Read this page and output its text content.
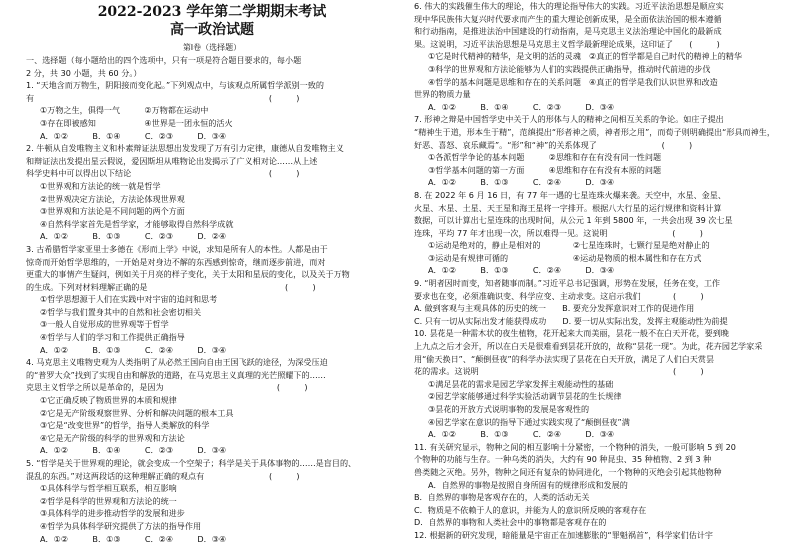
2022-2023 学年第二学期期末考试
高一政治试题
第Ⅰ卷（选择题）
一、选择题（每小题给出的四个选项中，只有一项是符合题目要求的，每小题
2 分，共 30 小题，共 60 分。）
1. “天地含而万物生，阴阳接而变化起。”下列观点中，与该观点所属哲学派别一致的
有　　　　　　　　　　　　　　　　　　　　　　　　　　　　　(　　　)
①万物之生，俱得一气　　　②万物都在运动中
③存在即被感知　　　　　　④世界是一团永恒的活火
A．①②　　　B．①④　　　C．②③　　　D．③④
2. 牛顿从自发唯物主义和朴素辩证法思想出发发现了万有引力定律，康德从自发唯物主义
和辩证法出发提出星云假说，爱因斯坦从唯物论出发揭示了广义相对论……从上述
科学史料中可以得出以下结论　　　　　　　　　　　　　　　　　(　　　)
①世界观和方法论的统一就是哲学
②世界观决定方法论，方法论体现世界观
③世界观和方法论是不同问题的两个方面
④自然科学家首先是哲学家，才能够取得自然科学成就
A．①②　　　B．①③　　　C．②③　　　D．②④
3. 古希腊哲学家亚里士多德在《形而上学》中说，求知是所有人的本性。人都是由于
惊奇而开始哲学思维的，一开始是对身边不解的东西感到惊奇，继而逐步前进，而对
更重大的事情产生疑问，例如关于月亮的样子变化，关于太阳和星辰的变化，以及关于万物
的生成。下列对材料理解正确的是　　　　　　　　　　　　　　　　　(　　　)
①哲学思想源于人们在实践中对宇宙的追问和思考
②哲学与我们置身其中的自然和社会密切相关
③一般人自觉形成的世界观等于哲学
④哲学与人们的学习和工作提供正确指导
A．①②　　　B．①③　　　C．②④　　　D．③④
4. 马克思主义唯物史观为人类指明了从必然王国向自由王国飞跃的途径，为深受压迫
的“普罗大众”找到了实现自由和解放的道路，在马克思主义真理的光芒照耀下的……
克思主义哲学之所以是革命的，是因为　　　　　　　　　　　　　　(　　　)
①它正确反映了物质世界的本质和规律
②它是无产阶级观察世界、分析和解决问题的根本工具
③它是“改变世界”的哲学，指导人类解放的科学
④它是无产阶级的科学的世界观和方法论
A．①②　　　B．①④　　　C．②③　　　D．③④
5. “哲学是关于世界观的理论，就会变成一个空架子；科学是关于具体事物的……是盲目的、
混乱的东西。”对这两段话的这种理解正确的观点有　　　　　　　　(　　　)
①具体科学与哲学相互联系，相互影响
②哲学是科学的世界观和方法论的统一
③具体科学的进步推动哲学的发展和进步
④哲学为具体科学研究提供了方法的指导作用
A．①②　　　B．①③　　　C．②④　　　D．③④
6. 伟大的实践催生伟大的理论，伟大的理论指导伟大的实践。习近平法治思想是顺应实
现中华民族伟大复兴时代要求而产生的重大理论创新成果，是全面依法治国的根本遵循
和行动指南，是推进法治中国建设的行动指南，是马克思主义法治理论中国化的最新成
果。这说明，习近平法治思想是马克思主义哲学最新理论成果，这印证了　　(　　　)
①它是时代精神的精华，是文明的活的灵魂　②真正的哲学都是自己时代的精神上的精华
③科学的世界观和方法论能够为人们的实践提供正确指导，推动时代前进的步伐
④哲学的基本问题是思维和存在的关系问题　④真正的哲学是我们认识世界和改造
世界的物质力量
A．①②　　　B．①④　　　C．②③　　　D．③④
7. 形神之辩是中国哲学史中关于人的形体与人的精神之间相互关系的争论。如庄子提出
“精神生于道，形本生于精”，范缜提出“形者神之质，神者形之用”，而荀子则明确提出“形具而神生，
好恶、喜怒、哀乐藏焉”。“形”和“神”的关系体现了　　　　　　　　(　　　)
①各派哲学争论的基本问题　　　②思维和存在有没有同一性问题
③哲学基本问题的第一方面　　　④思维和存在有没有本原的问题
A．①②　　　B．①③　　　C．②④　　　D．③④
8. 在 2022 年 6 月 16 日，有 77 年一遇的七星连珠火爆来袭。天空中，水星、金星、
火星、木星、土星、天王星和海王星将一字排开。根据八大行星的运行规律和资料计算
数据，可以计算出七星连珠的出现时间，从公元 1 年到 5800 年，一共会出现 39 次七星
连珠，平均 77 年才出现一次，所以难得一见。这说明　　　　　　　　(　　　)
①运动是绝对的，静止是相对的　　　　②七星连珠时，七颗行星是绝对静止的
③运动是有规律可循的　　　　　　　　④运动是物质的根本属性和存在方式
A．①②　　　B．①③　　　C．②④　　　D．③④
9. “明者因时而变，知者随事而制。”习近平总书记强调，形势在发展，任务在变，工作
要求也在变，必须准确识变、科学应变、主动求变。这启示我们　　　　(　　　)
A. 做到客观与主观具体的历史的统一　　B. 要充分发挥意识对工作的促进作用
C. 只有一切从实际出发才能获得成功　　D. 要一切从实际出发，发挥主观能动性为前提
10. 昙花是一种需木状的夜生植物，花开起来大而美丽，昙花一般不在白天开花，要到晚
上九点之后才会开，所以在白天是很难看到昙花开放的，故称“昙花一现”。为此，花卉园艺学家采
用“偷天换日”、“颠倒昼夜”的科学办法实现了昙花在白天开放，满足了人们白天赏昙
花的需求。这说明　　　　　　　　　　　　　　　　　　　　　　　　(　　　)
①满足昙花的需求是园艺学家发挥主观能动性的基础
②园艺学家能够通过科学实验活动调节昙花的生长规律
③昙花的开放方式说明事物的发展是客观性的
④园艺学家在意识的指导下通过实践实现了“颠倒昼夜”满
A．①②　　　B．①③　　　C．②④　　　D．③④
11. 有关研究显示，物种之间的相互影响十分紧密，一个物种的消失，一般可影响 5 到 20
个物种的功能与生存。一种乌类的消失，大约有 90 种昆虫、35 种植物、2 到 3 种
兽类随之灭绝。另外，物种之间还有复杂的协同进化，一个物种的灭绝会引起其他物种
A．自然界的事物是按照自身所固有的规律形成和发展的
B．自然界的事物是客观存在的，人类的活动无关
C．物质是不依赖于人的意识，并能为人的意识所反映的客观存在
D．自然界的事物和人类社会中的事物都是客观存在的
12. 根据新的研究发现，暗能量是宇宙正在加速膨胀的“罪魁祸首”，科学家们估计宇
